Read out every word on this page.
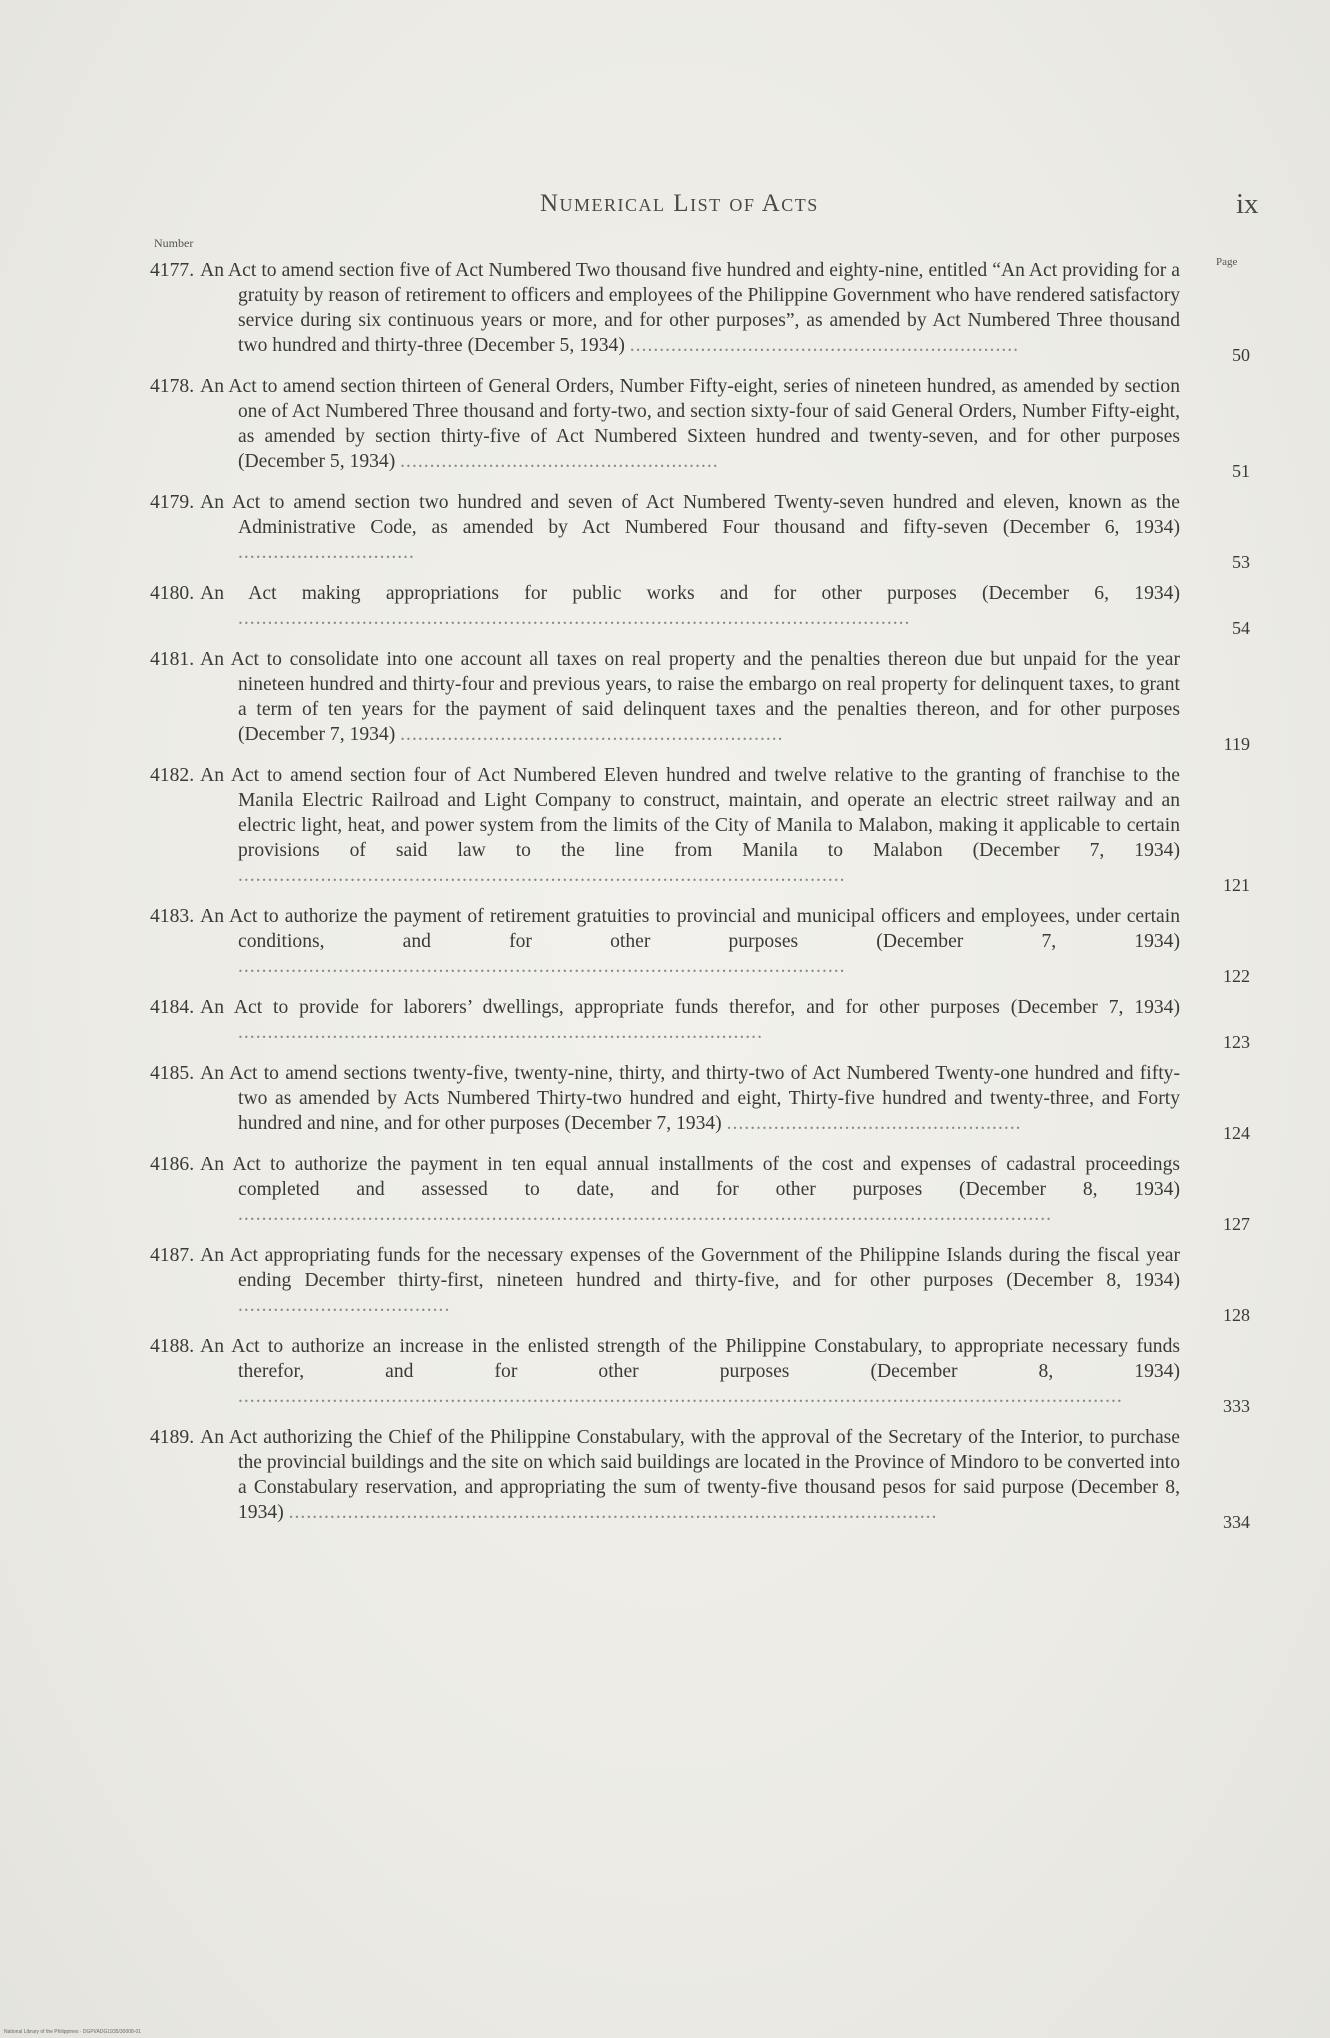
Numerical List of Acts	ix
Number
Page
4177. An Act to amend section five of Act Numbered Two thousand five hundred and eighty-nine, entitled “An Act providing for a gratuity by reason of retirement to officers and employees of the Philippine Government who have rendered satisfactory service during six continuous years or more, and for other purposes”, as amended by Act Numbered Three thousand two hundred and thirty-three (December 5, 1934) ..................................................................	50
4178. An Act to amend section thirteen of General Orders, Number Fifty-eight, series of nineteen hundred, as amended by section one of Act Numbered Three thousand and forty-two, and section sixty-four of said General Orders, Number Fifty-eight, as amended by section thirty-five of Act Numbered Sixteen hundred and twenty-seven, and for other purposes (December 5, 1934) ......................................................	51
4179. An Act to amend section two hundred and seven of Act Numbered Twenty-seven hundred and eleven, known as the Administrative Code, as amended by Act Numbered Four thousand and fifty-seven (December 6, 1934) ..............................	53
4180. An Act making appropriations for public works and for other purposes (December 6, 1934) ..................................................................................................................	54
4181. An Act to consolidate into one account all taxes on real property and the penalties thereon due but unpaid for the year nineteen hundred and thirty-four and previous years, to raise the embargo on real property for delinquent taxes, to grant a term of ten years for the payment of said delinquent taxes and the penalties thereon, and for other purposes (December 7, 1934) .................................................................	119
4182. An Act to amend section four of Act Numbered Eleven hundred and twelve relative to the granting of franchise to the Manila Electric Railroad and Light Company to construct, maintain, and operate an electric street railway and an electric light, heat, and power system from the limits of the City of Manila to Malabon, making it applicable to certain provisions of said law to the line from Manila to Malabon (December 7, 1934) .......................................................................................................	121
4183. An Act to authorize the payment of retirement gratuities to provincial and municipal officers and employees, under certain conditions, and for other purposes (December 7, 1934) .......................................................................................................	122
4184. An Act to provide for laborers’ dwellings, appropriate funds therefor, and for other purposes (December 7, 1934) .........................................................................................	123
4185. An Act to amend sections twenty-five, twenty-nine, thirty, and thirty-two of Act Numbered Twenty-one hundred and fifty-two as amended by Acts Numbered Thirty-two hundred and eight, Thirty-five hundred and twenty-three, and Forty hundred and nine, and for other purposes (December 7, 1934) ..................................................	124
4186. An Act to authorize the payment in ten equal annual installments of the cost and expenses of cadastral proceedings completed and assessed to date, and for other purposes (December 8, 1934) ..........................................................................................................................................	127
4187. An Act appropriating funds for the necessary expenses of the Government of the Philippine Islands during the fiscal year ending December thirty-first, nineteen hundred and thirty-five, and for other purposes (December 8, 1934) ....................................	128
4188. An Act to authorize an increase in the enlisted strength of the Philippine Constabulary, to appropriate necessary funds therefor, and for other purposes (December 8, 1934) ......................................................................................................................................................	333
4189. An Act authorizing the Chief of the Philippine Constabulary, with the approval of the Secretary of the Interior, to purchase the provincial buildings and the site on which said buildings are located in the Province of Mindoro to be converted into a Constabulary reservation, and appropriating the sum of twenty-five thousand pesos for said purpose (December 8, 1934) ..............................................................................................................	334
National Library of the Philippines · DGPI/ADG1935/30008-01
